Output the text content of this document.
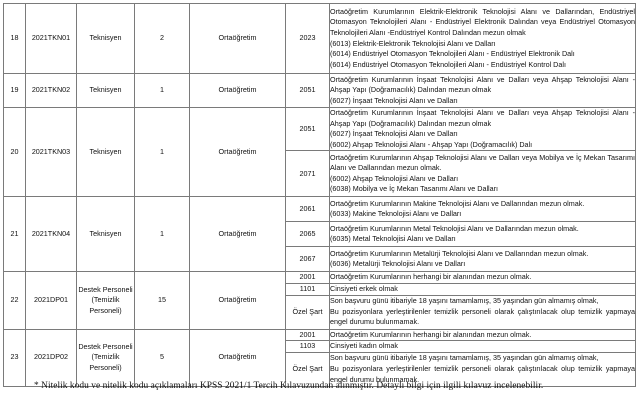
18	2021TKN01	Teknisyen	2	Ortaöğretim	2023	Ortaöğretim Kurumlarının Elektrik-Elektronik Teknolojisi Alanı ve Dallarından, Endüstriyel Otomasyon Teknolojileri Alanı - Endüstriyel Elektronik Dalından veya Endüstriyel Otomasyon Teknolojileri Alanı -Endüstriyel Kontrol Dalından mezun olmak
(6013) Elektrik-Elektronik Teknolojisi Alanı ve Dalları
(6014) Endüstriyel Otomasyon Teknolojileri Alanı - Endüstriyel Elektronik Dalı
(6014) Endüstriyel Otomasyon Teknolojileri Alanı - Endüstriyel Kontrol Dalı

19	2021TKN02	Teknisyen	1	Ortaöğretim	2051	Ortaöğretim Kurumlarının İnşaat Teknolojisi Alanı ve Dalları veya Ahşap Teknolojisi Alanı - Ahşap Yapı (Doğramacılık) Dalından mezun olmak
(6027) İnşaat Teknolojisi Alanı ve Dalları

20	2021TKN03	Teknisyen	1	Ortaöğretim	2051	Ortaöğretim Kurumlarının İnşaat Teknolojisi Alanı ve Dalları veya Ahşap Teknolojisi Alanı - Ahşap Yapı (Doğramacılık) Dalından mezun olmak
(6027) İnşaat Teknolojisi Alanı ve Dalları
(6002) Ahşap Teknolojisi Alanı - Ahşap Yapı (Doğramacılık) Dalı

					2071	Ortaöğretim Kurumlarının Ahşap Teknolojisi Alanı ve Dalları veya Mobilya ve İç Mekan Tasarımı Alanı ve Dallarından mezun olmak.
(6002) Ahşap Teknolojisi Alanı ve Dalları
(6038) Mobilya ve İç Mekan Tasarımı Alanı ve Dalları

21	2021TKN04	Teknisyen	1	Ortaöğretim	2061	Ortaöğretim Kurumlarının Makine Teknolojisi Alanı ve Dallarından mezun olmak.
(6033) Makine Teknolojisi Alanı ve Dalları

					2065	Ortaöğretim Kurumlarının Metal Teknolojisi Alanı ve Dallarından mezun olmak.
(6035) Metal Teknolojisi Alanı ve Dalları

					2067	Ortaöğretim Kurumlarının Metalürji Teknolojisi Alanı ve Dallarından mezun olmak.
(6036) Metalürji Teknolojisi Alanı ve Dalları

22	2021DP01	Destek Personeli (Temizlik Personeli)	15	Ortaöğretim	2001	Ortaöğretim Kurumlarının herhangi bir alanından mezun olmak.

					1101	Cinsiyeti erkek olmak

					Özel Şart	Son başvuru günü itibariyle 18 yaşını tamamlamış, 35 yaşından gün almamış olmak,
Bu pozisyonlara yerleştirilenler temizlik personeli olarak çalıştırılacak olup temizlik yapmaya engel durumu bulunmamak.

23	2021DP02	Destek Personeli (Temizlik Personeli)	5	Ortaöğretim	2001	Ortaöğretim Kurumlarının herhangi bir alanından mezun olmak.

					1103	Cinsiyeti kadın olmak

					Özel Şart	Son başvuru günü itibariyle 18 yaşını tamamlamış, 35 yaşından gün almamış olmak,
Bu pozisyonlara yerleştirilenler temizlik personeli olarak çalıştırılacak olup temizlik yapmaya engel durumu bulunmamak.
* Nitelik kodu ve nitelik kodu açıklamaları KPSS 2021/1 Tercih Kılavuzundan alınmıştır. Detaylı bilgi için ilgili kılavuz incelenebilir.
